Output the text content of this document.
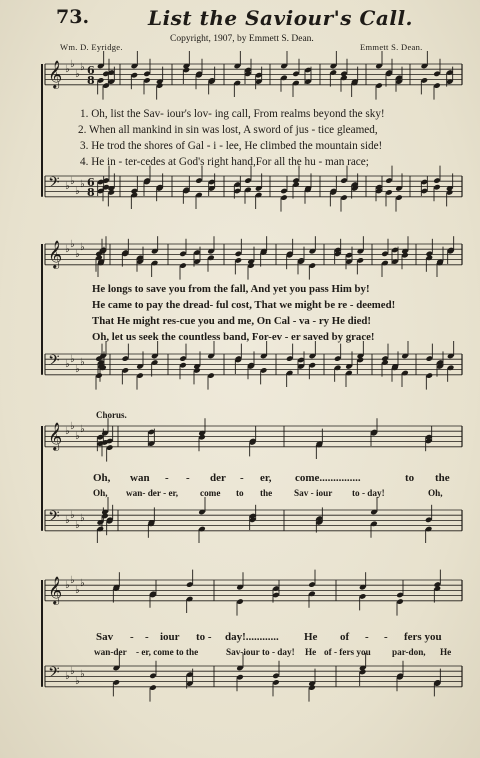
𝄞 ♭ ♭
♭
♭
𝄢 ♭ ♭
♭
♭
𝄞 ♭ ♭
♭
♭
𝄢 ♭ ♭
♭
♭
𝄞 ♭ ♭
♭
♭
𝄢 ♭ ♭
♭
♭
𝄞 ♭ ♭
♭
♭
𝄢 ♭ ♭
♭
♭
6
8
6
8
73.	List the Saviour's Call.
Copyright, 1907, by Emmett S. Dean.
Wm. D. Eyridge.	Emmett S. Dean.
1. Oh, list the Sav- iour's lov- ing call, From realms beyond the sky!
2. When all mankind in sin was lost, A sword of jus - tice gleamed,
3. He trod the shores of Gal - i - lee, He climbed the mountain side!
4. He in - ter-cedes at God's right hand,For all the hu - man race;
He longs to save you from the fall, And yet you pass Him by!
He came to pay the dread- ful cost, That we might be re - deemed!
That He might res-cue you and me, On Cal - va - ry He died!
Oh, let us seek the countless band, For-ev - er saved by grace!
Chorus.
Oh, wan - - der - er, come...............	to the
Oh, wan- der - er, come to the Sav - iour to - day!	Oh,
Sav - - iour to - day!............ He of - - fers you
wan-der - er, come to the	Sav-iour to - day! He of - fers you par-don, He
